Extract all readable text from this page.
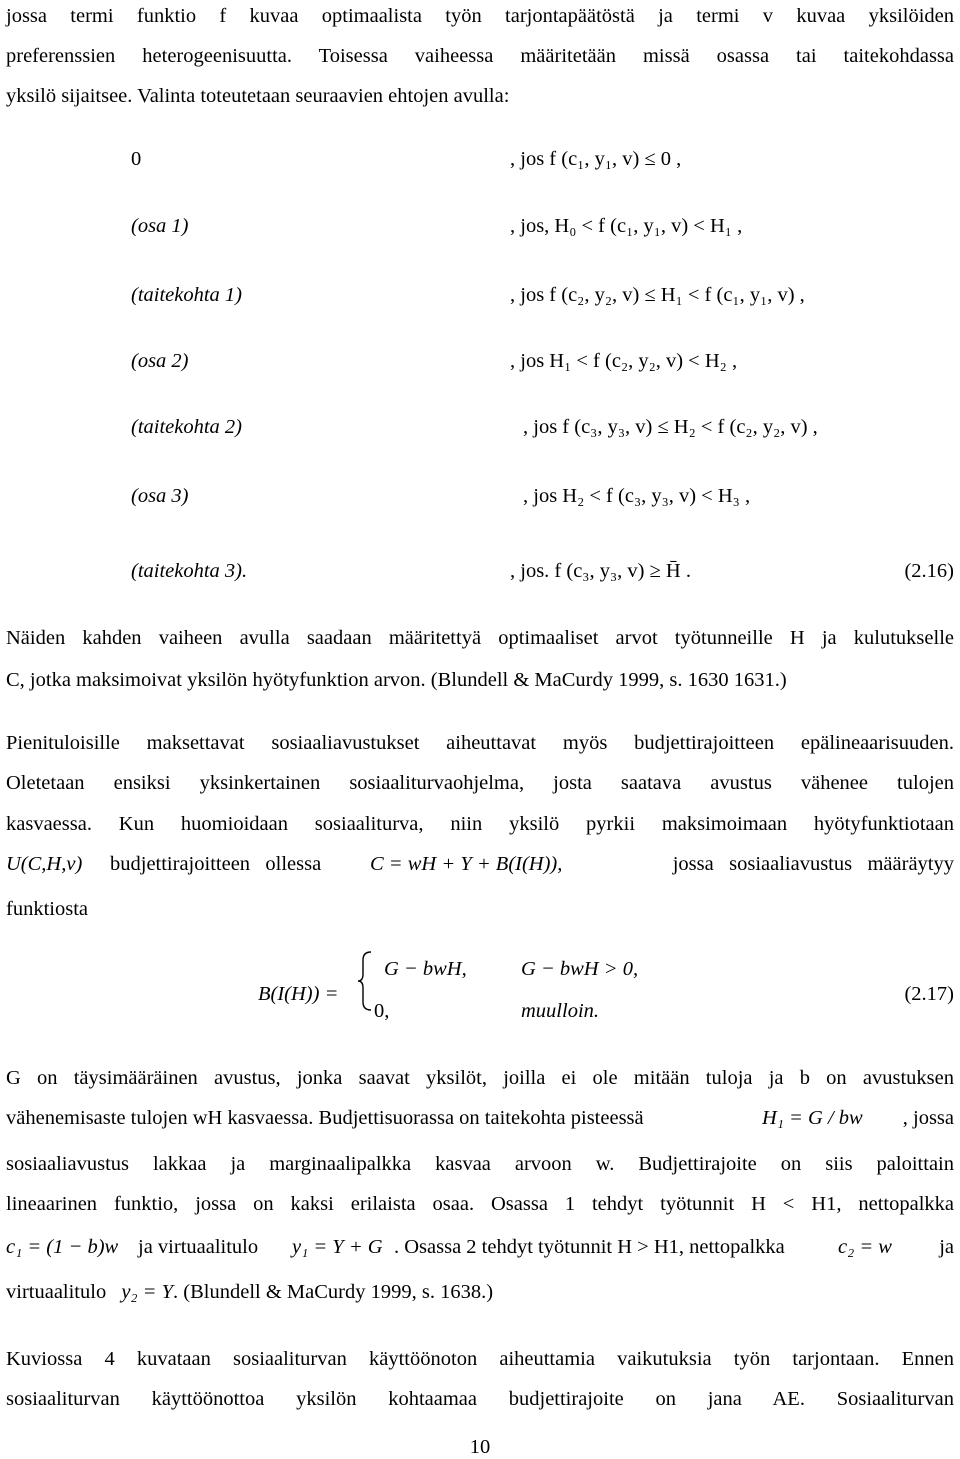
jossa termi funktio f kuvaa optimaalista työn tarjontapäätöstä ja termi v kuvaa yksilöiden
preferenssien heterogeenisuutta. Toisessa vaiheessa määritetään missä osassa tai taitekohdassa
yksilö sijaitsee. Valinta toteutetaan seuraavien ehtojen avulla:
0	, jos f (c₁, y₁, v) ≤ 0 ,
(osa 1)	, jos, H₀ < f (c₁, y₁, v) < H₁ ,
(taitekohta 1)	, jos f (c₂, y₂, v) ≤ H₁ < f (c₁, y₁, v) ,
(osa 2)	, jos H₁ < f (c₂, y₂, v) < H₂ ,
(taitekohta 2)	, jos f (c₃, y₃, v) ≤ H₂ < f (c₂, y₂, v) ,
(osa 3)	, jos H₂ < f (c₃, y₃, v) < H₃ ,
(taitekohta 3).	, jos. f (c₃, y₃, v) ≥ H̄ .	(2.16)
Näiden kahden vaiheen avulla saadaan määritettyä optimaaliset arvot työtunneille H ja kulutukselle
C, jotka maksimoivat yksilön hyötyfunktion arvon. (Blundell & MaCurdy 1999, s. 1630 1631.)
Pienituloisille maksettavat sosiaaliavustukset aiheuttavat myös budjettirajoitteen epälineaarisuuden.
Oletetaan ensiksi yksinkertainen sosiaaliturvaohjelma, josta saatava avustus vähenee tulojen
kasvaessa. Kun huomioidaan sosiaaliturva, niin yksilö pyrkii maksimoimaan hyötyfunktiotaan
U(C,H,v) budjettirajoitteen   ollessa C = wH + Y + B(I(H)),	jossa   sosiaaliavustus   määräytyy
funktiosta
B(I(H)) =
G − bwH,	G − bwH > 0,
0,	muulloin.
(2.17)
G on täysimääräinen avustus, jonka saavat yksilöt, joilla ei ole mitään tuloja ja b on avustuksen
vähenemisaste tulojen wH kasvaessa. Budjettisuorassa on taitekohta pisteessä	H₁ = G / bw , jossa
sosiaaliavustus lakkaa ja marginaalipalkka kasvaa arvoon w. Budjettirajoite on siis paloittain
lineaarinen funktio, jossa on kaksi erilaista osaa. Osassa 1 tehdyt työtunnit H < H1, nettopalkka
c₁ = (1 − b)w ja virtuaalitulo y₁ = Y + G . Osassa 2 tehdyt työtunnit H > H1, nettopalkka	c₂ = w ja
virtuaalitulo y₂ = Y. (Blundell & MaCurdy 1999, s. 1638.)
Kuviossa 4 kuvataan sosiaaliturvan käyttöönoton aiheuttamia vaikutuksia työn tarjontaan. Ennen
sosiaaliturvan käyttöönottoa yksilön kohtaamaa budjettirajoite on jana AE. Sosiaaliturvan
10
